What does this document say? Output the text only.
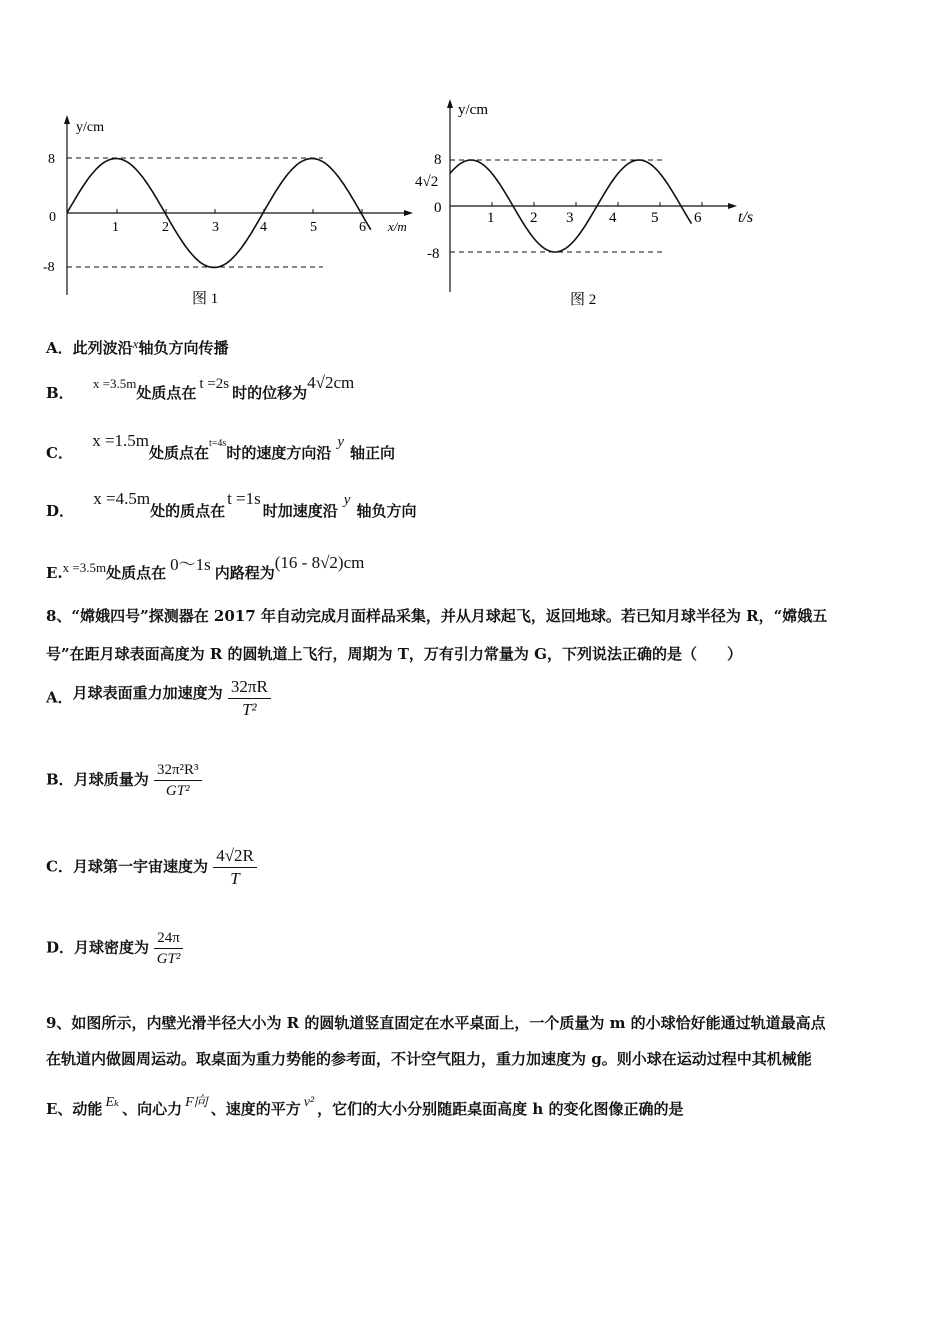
y/cm
8
0
-8
1	2	3	4	5	6 x/m
图 1
y/cm
8
4√2
0
-8
1 2 3 4 5 6 t/s
图 2
A．此列波沿$^x$轴负方向传播
B． x =3.5m处质点在 t =2s 时的位移为4√2cm
C． x =1.5m处质点在t=4s时的速度方向沿y轴正向
D． x =4.5m处的质点在t =1s时加速度沿y轴负方向
E.x =3.5m处质点在 0～1s 内路程为(16 - 8√2)cm
8、“嫦娥四号”探测器在 2017 年自动完成月面样品采集，并从月球起飞，返回地球。若已知月球半径为 R，“嫦娥五
号”在距月球表面高度为 R 的圆轨道上飞行，周期为 T，万有引力常量为 G，下列说法正确的是（　　）
A．月球表面重力加速度为 $\frac{32\pi R}{\text{T²}}$
B．月球质量为 $\frac{\text{32π²R³}}{\text{GT²}}$
C．月球第一宇宙速度为 $\frac{4√2R}{T}$
D．月球密度为 $\frac{24\pi}{\text{GT²}}$
9、如图所示，内壁光滑半径大小为 R 的圆轨道竖直固定在水平桌面上，一个质量为 m 的小球恰好能通过轨道最高点
在轨道内做圆周运动。取桌面为重力势能的参考面，不计空气阻力，重力加速度为 g。则小球在运动过程中其机械能
E、动能 Eₖ 、向心力 F向 、速度的平方 v² ，它们的大小分别随距桌面高度 h 的变化图像正确的是
